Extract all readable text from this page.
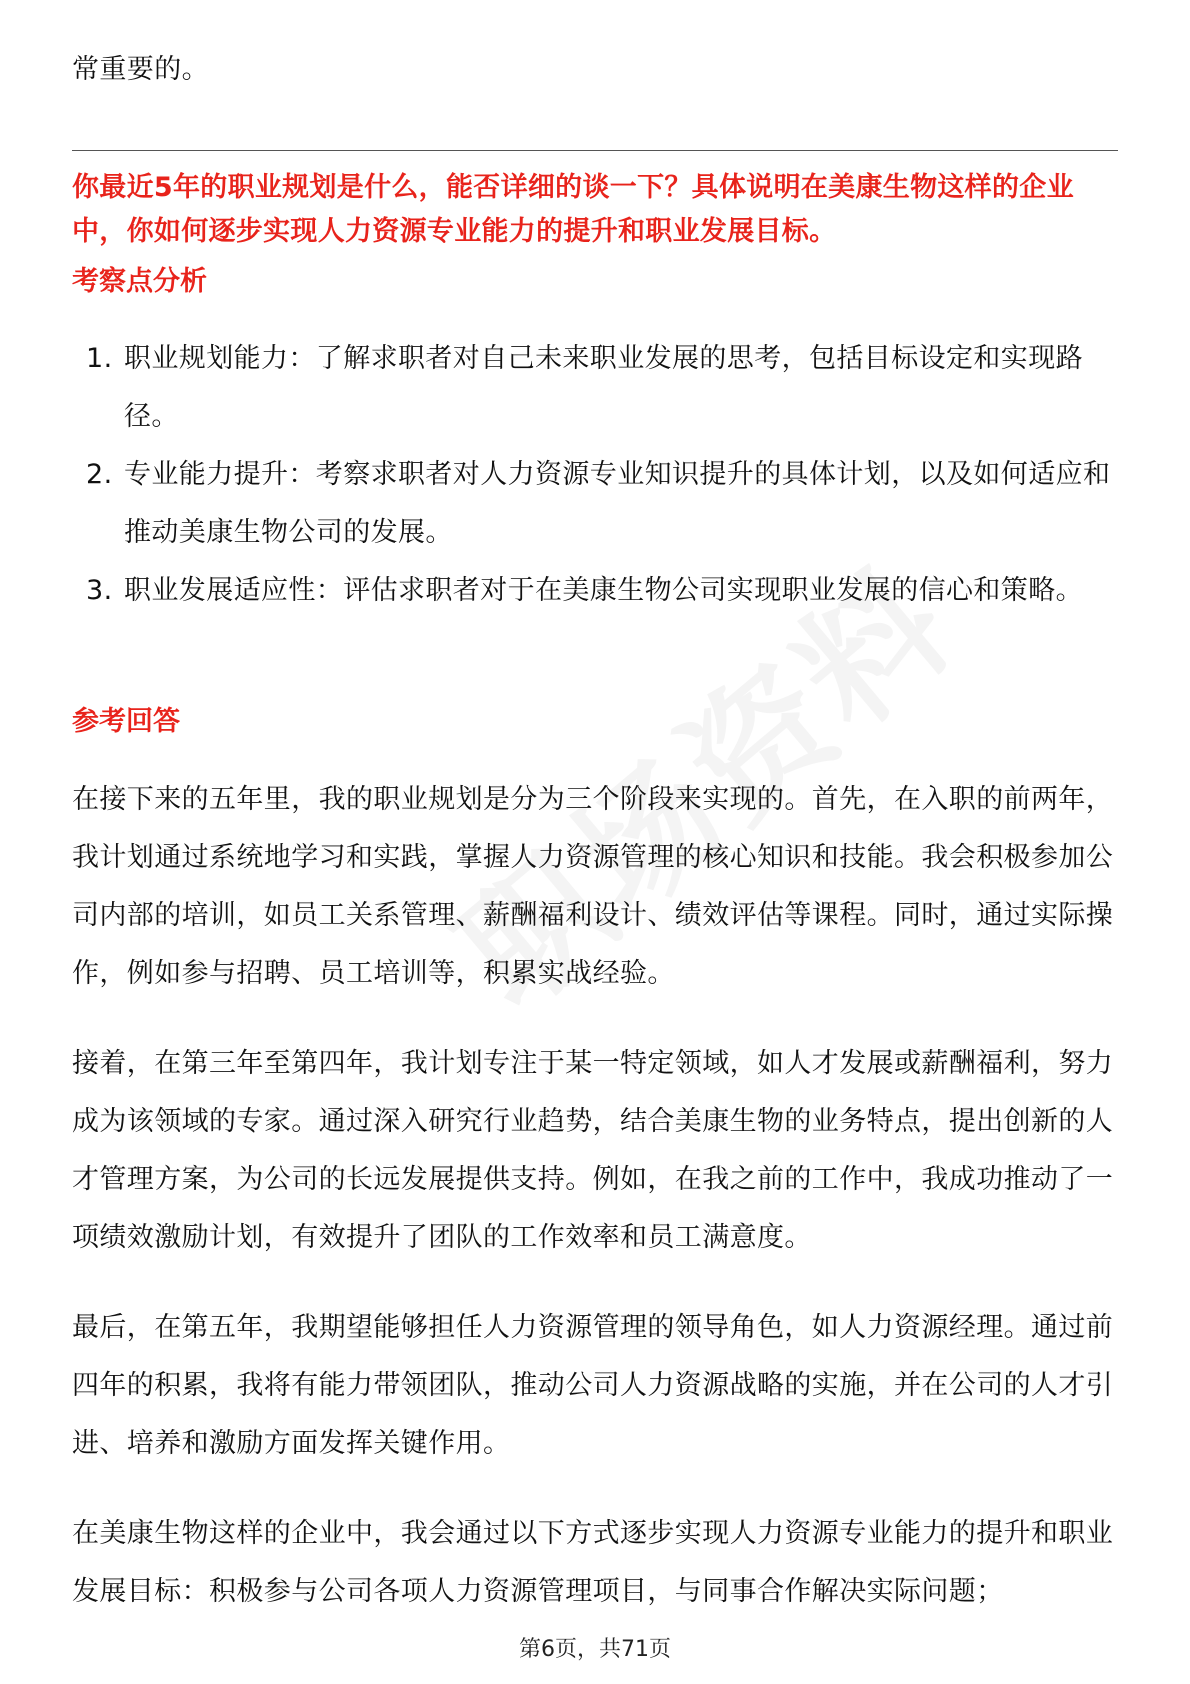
常重要的。

你最近5年的职业规划是什么，能否详细的谈一下？具体说明在美康生物这样的企业中，你如何逐步实现人力资源专业能力的提升和职业发展目标。

考察点分析
1. 职业规划能力：了解求职者对自己未来职业发展的思考，包括目标设定和实现路径。
2. 专业能力提升：考察求职者对人力资源专业知识提升的具体计划，以及如何适应和推动美康生物公司的发展。
3. 职业发展适应性：评估求职者对于在美康生物公司实现职业发展的信心和策略。
参考回答

在接下来的五年里，我的职业规划是分为三个阶段来实现的。首先，在入职的前两年，我计划通过系统地学习和实践，掌握人力资源管理的核心知识和技能。我会积极参加公司内部的培训，如员工关系管理、薪酬福利设计、绩效评估等课程。同时，通过实际操作，例如参与招聘、员工培训等，积累实战经验。

接着，在第三年至第四年，我计划专注于某一特定领域，如人才发展或薪酬福利，努力成为该领域的专家。通过深入研究行业趋势，结合美康生物的业务特点，提出创新的人才管理方案，为公司的长远发展提供支持。例如，在我之前的工作中，我成功推动了一项绩效激励计划，有效提升了团队的工作效率和员工满意度。

最后，在第五年，我期望能够担任人力资源管理的领导角色，如人力资源经理。通过前四年的积累，我将有能力带领团队，推动公司人力资源战略的实施，并在公司的人才引进、培养和激励方面发挥关键作用。

在美康生物这样的企业中，我会通过以下方式逐步实现人力资源专业能力的提升和职业发展目标：积极参与公司各项人力资源管理项目，与同事合作解决实际问题；

第6页，共71页
